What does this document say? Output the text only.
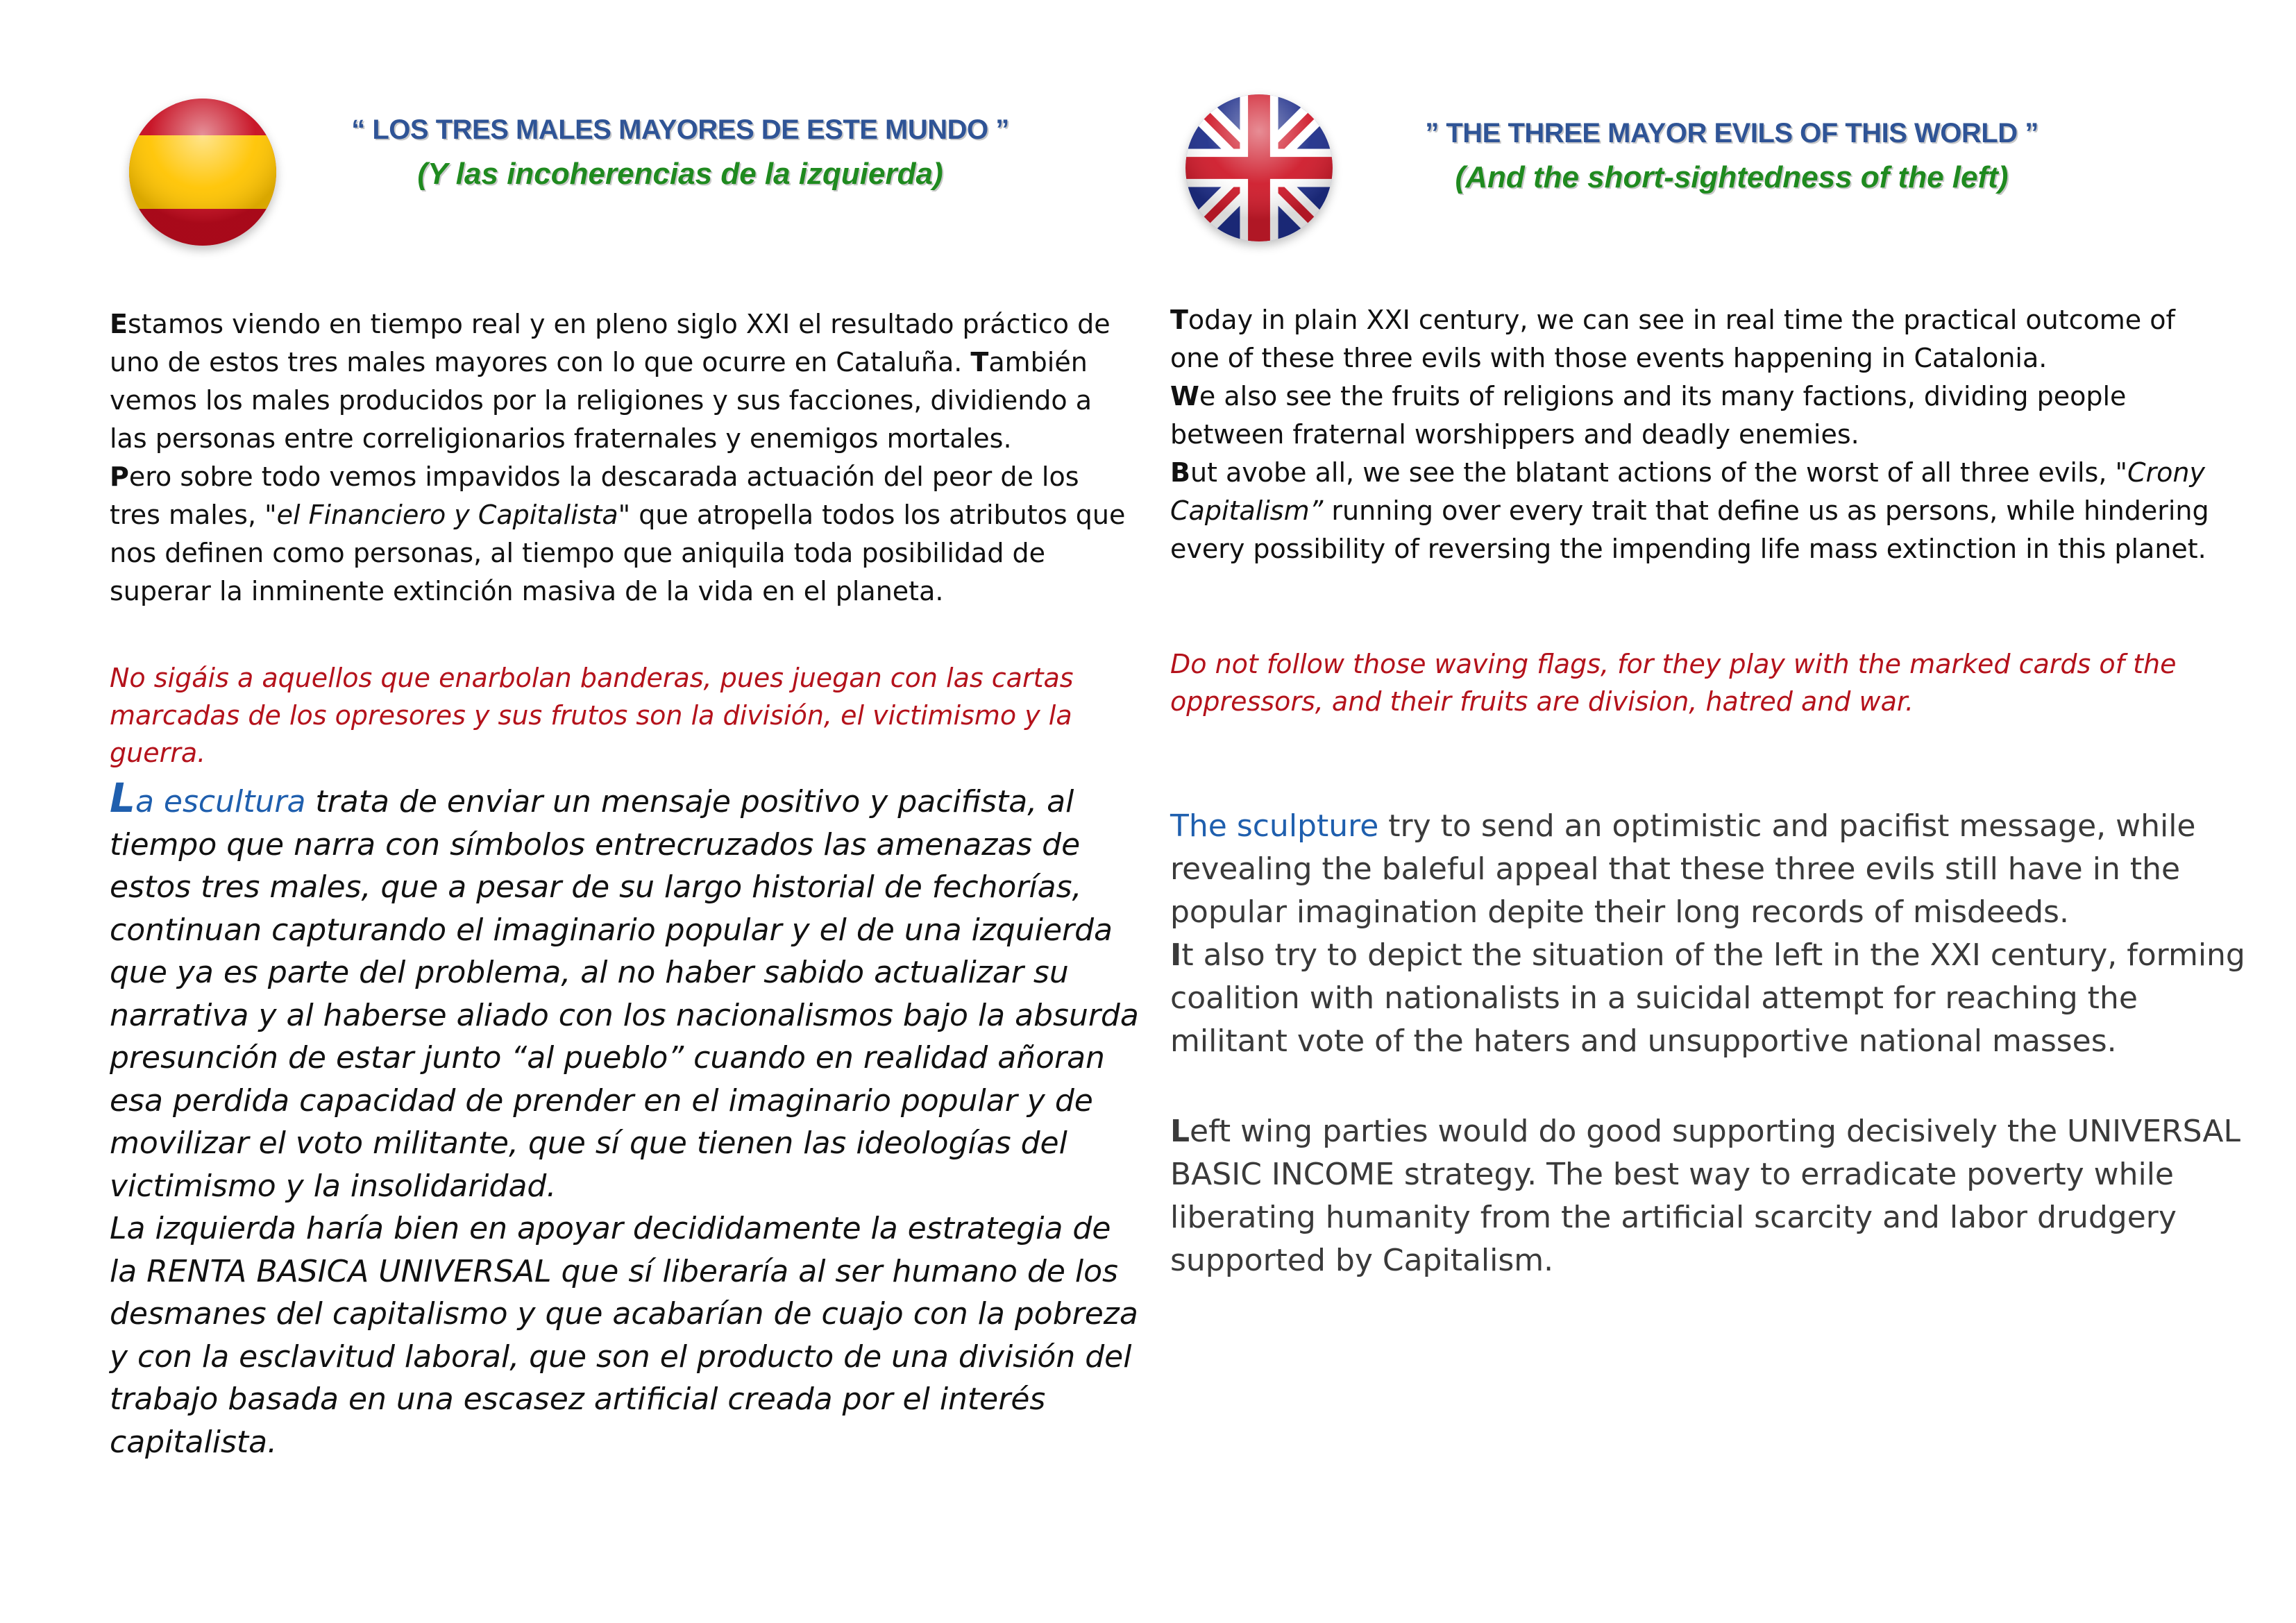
“ LOS TRES MALES MAYORES DE ESTE MUNDO ”
(Y las incoherencias de la izquierda)
Estamos viendo en tiempo real y en pleno siglo XXI el resultado práctico de uno de estos tres males mayores con lo que ocurre en Cataluña. También vemos los males producidos por la religiones y sus facciones, dividiendo a las personas entre correligionarios fraternales y enemigos mortales.
Pero sobre todo vemos impavidos la descarada actuación del peor de los tres males, "el Financiero y Capitalista" que atropella todos los atributos que nos definen como personas, al tiempo que aniquila toda posibilidad de superar la inminente extinción masiva de la vida en el planeta.

No sigáis a aquellos que enarbolan banderas, pues juegan con las cartas marcadas de los opresores y sus frutos son la división, el victimismo y la guerra.

La escultura trata de enviar un mensaje positivo y pacifista, al tiempo que narra con símbolos entrecruzados las amenazas de estos tres males, que a pesar de su largo historial de fechorías, continuan capturando el imaginario popular y el de una izquierda que ya es parte del problema, al no haber sabido actualizar su narrativa y al haberse aliado con los nacionalismos bajo la absurda presunción de estar junto “al pueblo” cuando en realidad añoran esa perdida capacidad de prender en el imaginario popular y de movilizar el voto militante, que sí que tienen las ideologías del victimismo y la insolidaridad.
La izquierda haría bien en apoyar decididamente la estrategia de la RENTA BASICA UNIVERSAL que sí liberaría al ser humano de los desmanes del capitalismo y que acabarían de cuajo con la pobreza y con la esclavitud laboral, que son el producto de una división del trabajo basada en una escasez artificial creada por el interés capitalista.
” THE THREE MAYOR EVILS OF THIS WORLD ”
(And the short-sightedness of the left)
Today in plain XXI century, we can see in real time the practical outcome of one of these three evils with those events happening in Catalonia.
We also see the fruits of religions and its many factions, dividing people between fraternal worshippers and deadly enemies.
But avobe all, we see the blatant actions of the worst of all three evils, "Crony Capitalism” running over every trait that define us as persons, while hindering every possibility of reversing the impending life mass extinction in this planet.

Do not follow those waving flags, for they play with the marked cards of the oppressors, and their fruits are division, hatred and war.

The sculpture try to send an optimistic and pacifist message, while revealing the baleful appeal that these three evils still have in the popular imagination depite their long records of misdeeds.
It also try to depict the situation of the left in the XXI century, forming coalition with nationalists in a suicidal attempt for reaching the militant vote of the haters and unsupportive national masses.
Left wing parties would do good supporting decisively the UNIVERSAL BASIC INCOME strategy. The best way to erradicate poverty while liberating humanity from the artificial scarcity and labor drudgery supported by Capitalism.
